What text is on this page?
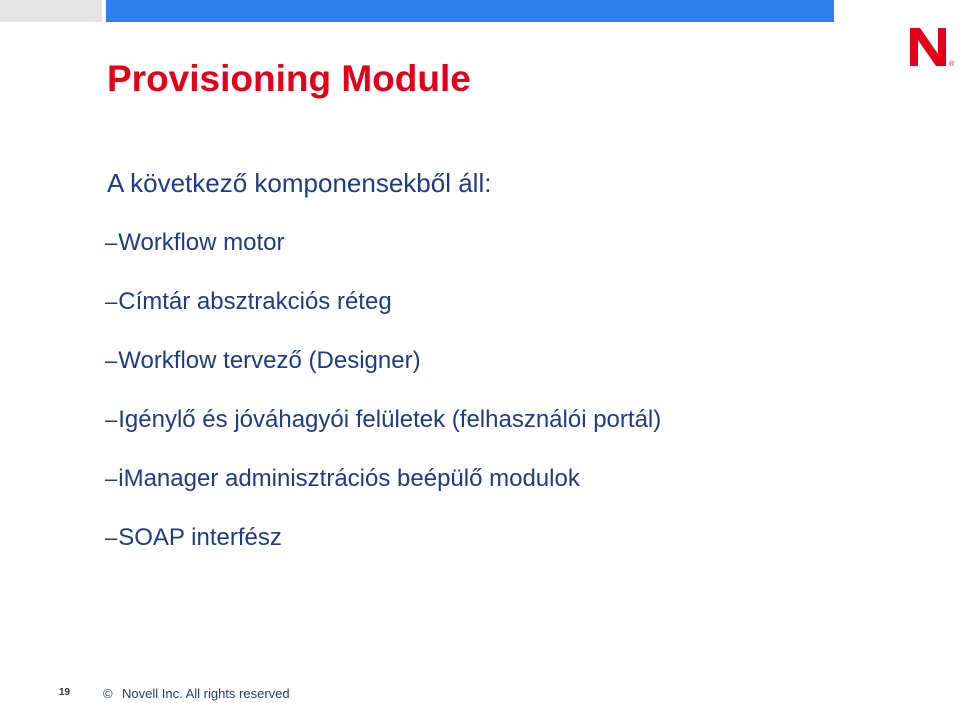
®
Provisioning Module

A következő komponensekből áll:

–Workflow motor
–Címtár absztrakciós réteg
–Workflow tervező (Designer)
–Igénylő és jóváhagyói felületek (felhasználói portál)
–iManager adminisztrációs beépülő modulok
–SOAP interfész
19	© Novell Inc. All rights reserved
